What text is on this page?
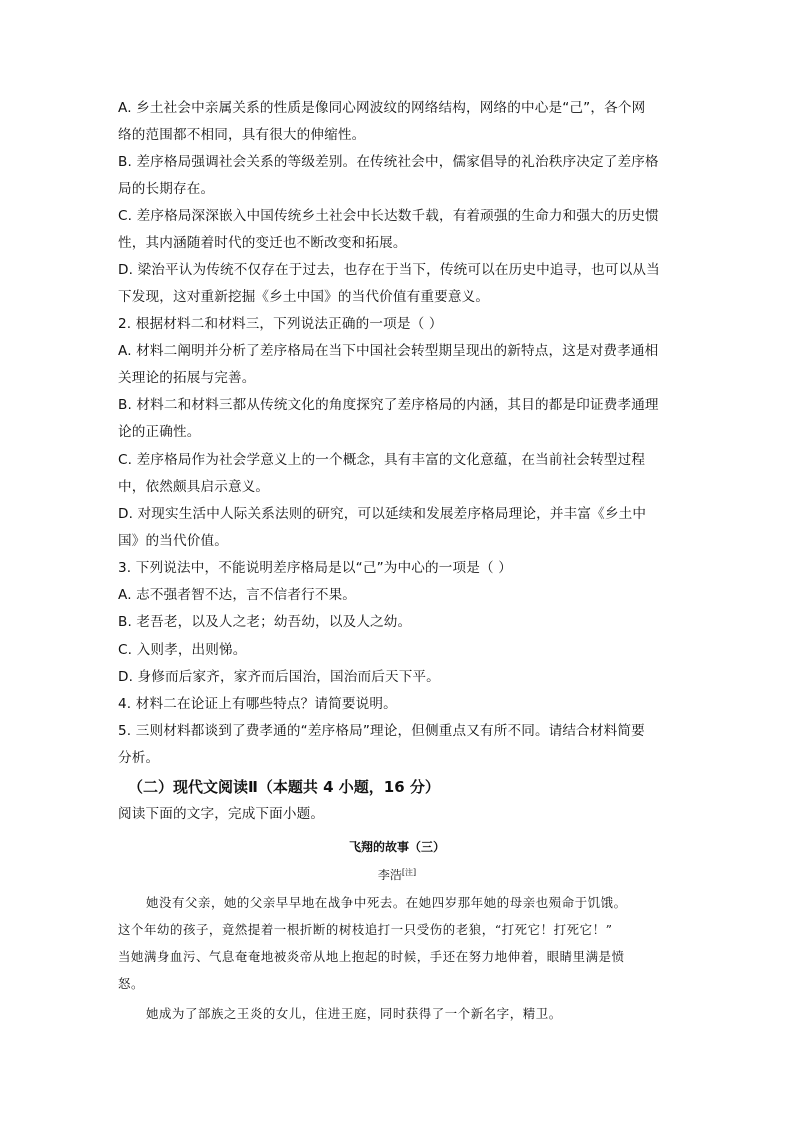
A. 乡土社会中亲属关系的性质是像同心网波纹的网络结构，网络的中心是“己”，各个网
络的范围都不相同，具有很大的伸缩性。
B. 差序格局强调社会关系的等级差别。在传统社会中，儒家倡导的礼治秩序决定了差序格
局的长期存在。
C. 差序格局深深嵌入中国传统乡土社会中长达数千载，有着顽强的生命力和强大的历史惯
性，其内涵随着时代的变迁也不断改变和拓展。
D. 梁治平认为传统不仅存在于过去，也存在于当下，传统可以在历史中追寻，也可以从当
下发现，这对重新挖掘《乡土中国》的当代价值有重要意义。
2. 根据材料二和材料三，下列说法正确的一项是（ ）
A. 材料二阐明并分析了差序格局在当下中国社会转型期呈现出的新特点，这是对费孝通相
关理论的拓展与完善。
B. 材料二和材料三都从传统文化的角度探究了差序格局的内涵，其目的都是印证费孝通理
论的正确性。
C. 差序格局作为社会学意义上的一个概念，具有丰富的文化意蕴，在当前社会转型过程
中，依然颇具启示意义。
D. 对现实生活中人际关系法则的研究，可以延续和发展差序格局理论，并丰富《乡土中
国》的当代价值。
3. 下列说法中，不能说明差序格局是以“己”为中心的一项是（ ）
A. 志不强者智不达，言不信者行不果。
B. 老吾老，以及人之老；幼吾幼，以及人之幼。
C. 入则孝，出则悌。
D. 身修而后家齐，家齐而后国治，国治而后天下平。
4. 材料二在论证上有哪些特点？请简要说明。
5. 三则材料都谈到了费孝通的“差序格局”理论，但侧重点又有所不同。请结合材料简要
分析。
（二）现代文阅读Ⅱ（本题共 4 小题，16 分）
阅读下面的文字，完成下面小题。
飞翔的故事（三）
李浩[注]
她没有父亲，她的父亲早早地在战争中死去。在她四岁那年她的母亲也殒命于饥饿。
这个年幼的孩子，竟然提着一根折断的树枝追打一只受伤的老狼，“打死它！打死它！”
当她满身血污、气息奄奄地被炎帝从地上抱起的时候，手还在努力地伸着，眼睛里满是愤
怒。
她成为了部族之王炎的女儿，住进王庭，同时获得了一个新名字，精卫。
